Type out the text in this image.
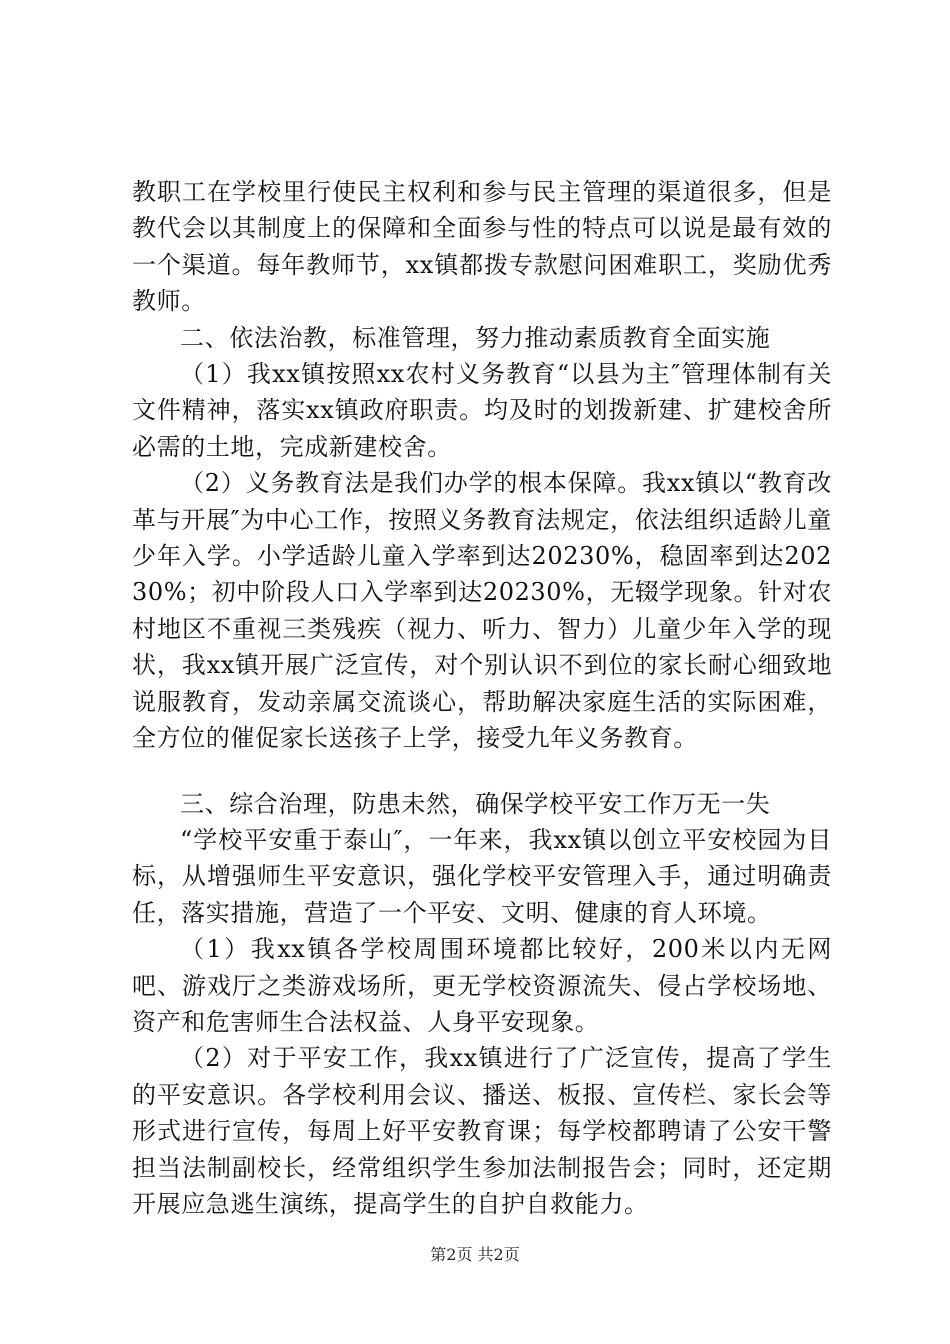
教职工在学校里行使民主权利和参与民主管理的渠道很多，但是教代会以其制度上的保障和全面参与性的特点可以说是最有效的一个渠道。每年教师节，xx镇都拨专款慰问困难职工，奖励优秀教师。

二、依法治教，标准管理，努力推动素质教育全面实施

（1）我xx镇按照xx农村义务教育“以县为主″管理体制有关文件精神，落实xx镇政府职责。均及时的划拨新建、扩建校舍所必需的土地，完成新建校舍。

（2）义务教育法是我们办学的根本保障。我xx镇以“教育改革与开展″为中心工作，按照义务教育法规定，依法组织适龄儿童少年入学。小学适龄儿童入学率到达20230%，稳固率到达20230%；初中阶段人口入学率到达20230%，无辍学现象。针对农村地区不重视三类残疾（视力、听力、智力）儿童少年入学的现状，我xx镇开展广泛宣传，对个别认识不到位的家长耐心细致地说服教育，发动亲属交流谈心，帮助解决家庭生活的实际困难，全方位的催促家长送孩子上学，接受九年义务教育。

三、综合治理，防患未然，确保学校平安工作万无一失

“学校平安重于泰山″，一年来，我xx镇以创立平安校园为目标，从增强师生平安意识，强化学校平安管理入手，通过明确责任，落实措施，营造了一个平安、文明、健康的育人环境。

（1）我xx镇各学校周围环境都比较好，200米以内无网吧、游戏厅之类游戏场所，更无学校资源流失、侵占学校场地、资产和危害师生合法权益、人身平安现象。

（2）对于平安工作，我xx镇进行了广泛宣传，提高了学生的平安意识。各学校利用会议、播送、板报、宣传栏、家长会等形式进行宣传，每周上好平安教育课；每学校都聘请了公安干警担当法制副校长，经常组织学生参加法制报告会；同时，还定期开展应急逃生演练，提高学生的自护自救能力。

第2页 共2页
